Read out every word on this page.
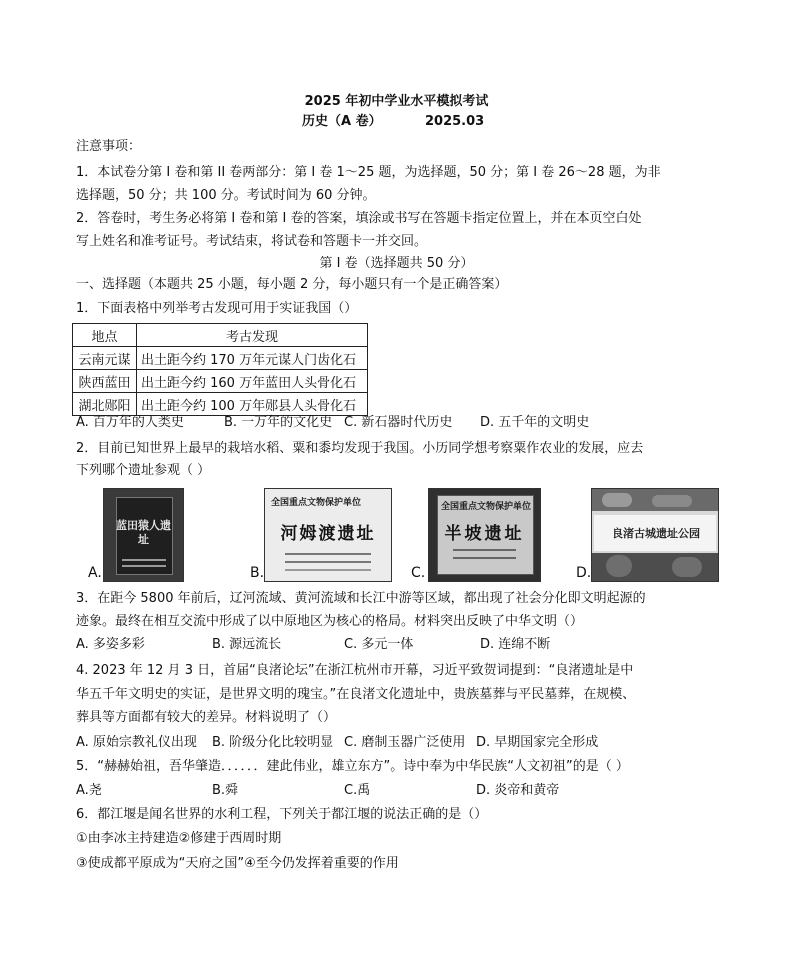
2025 年初中学业水平模拟考试
历史（A 卷）	2025.03
注意事项：
1．本试卷分第 I 卷和第 II 卷两部分：第 I 卷 1～25 题，为选择题，50 分；第 I 卷 26～28 题，为非
选择题，50 分；共 100 分。考试时间为 60 分钟。
2．答卷时，考生务必将第 I 卷和第 I 卷的答案，填涂或书写在答题卡指定位置上，并在本页空白处
写上姓名和准考证号。考试结束，将试卷和答题卡一并交回。
第 I 卷（选择题共 50 分）
一、选择题（本题共 25 小题，每小题 2 分，每小题只有一个是正确答案）
1．下面表格中列举考古发现可用于实证我国（）
地点	考古发现
云南元谋	出土距今约 170 万年元谋人门齿化石
陕西蓝田	出土距今约 160 万年蓝田人头骨化石
湖北郧阳	出土距今约 100 万年郧县人头骨化石
A. 百万年的人类史	B. 一万年的文化史 C. 新石器时代历史 D. 五千年的文明史
2．目前已知世界上最早的栽培水稻、粟和黍均发现于我国。小历同学想考察粟作农业的发展，应去
下列哪个遗址参观（ ）
A.
蓝田猿人遗址
B.
全国重点文物保护单位
河姆渡遗址
C.
全国重点文物保护单位
半坡遗址
D.
良渚古城遗址公园
3．在距今 5800 年前后，辽河流域、黄河流域和长江中游等区域，都出现了社会分化即文明起源的
迹象。最终在相互交流中形成了以中原地区为核心的格局。材料突出反映了中华文明（）
A. 多姿多彩	B. 源远流长	C. 多元一体	D. 连绵不断
4. 2023 年 12 月 3 日，首届“良渚论坛”在浙江杭州市开幕，习近平致贺词提到：“良渚遗址是中
华五千年文明史的实证，是世界文明的瑰宝。”在良渚文化遗址中，贵族墓葬与平民墓葬，在规模、
葬具等方面都有较大的差异。材料说明了（）
A. 原始宗教礼仪出现 B. 阶级分化比较明显 C. 磨制玉器广泛使用 D. 早期国家完全形成
5．“赫赫始祖，吾华肇造．．．．．．建此伟业，雄立东方”。诗中奉为中华民族“人文初祖”的是（ ）
A.尧	B.舜	C.禹	D. 炎帝和黄帝
6．都江堰是闻名世界的水利工程，下列关于都江堰的说法正确的是（）
①由李冰主持建造②修建于西周时期
③使成都平原成为“天府之国”④至今仍发挥着重要的作用
